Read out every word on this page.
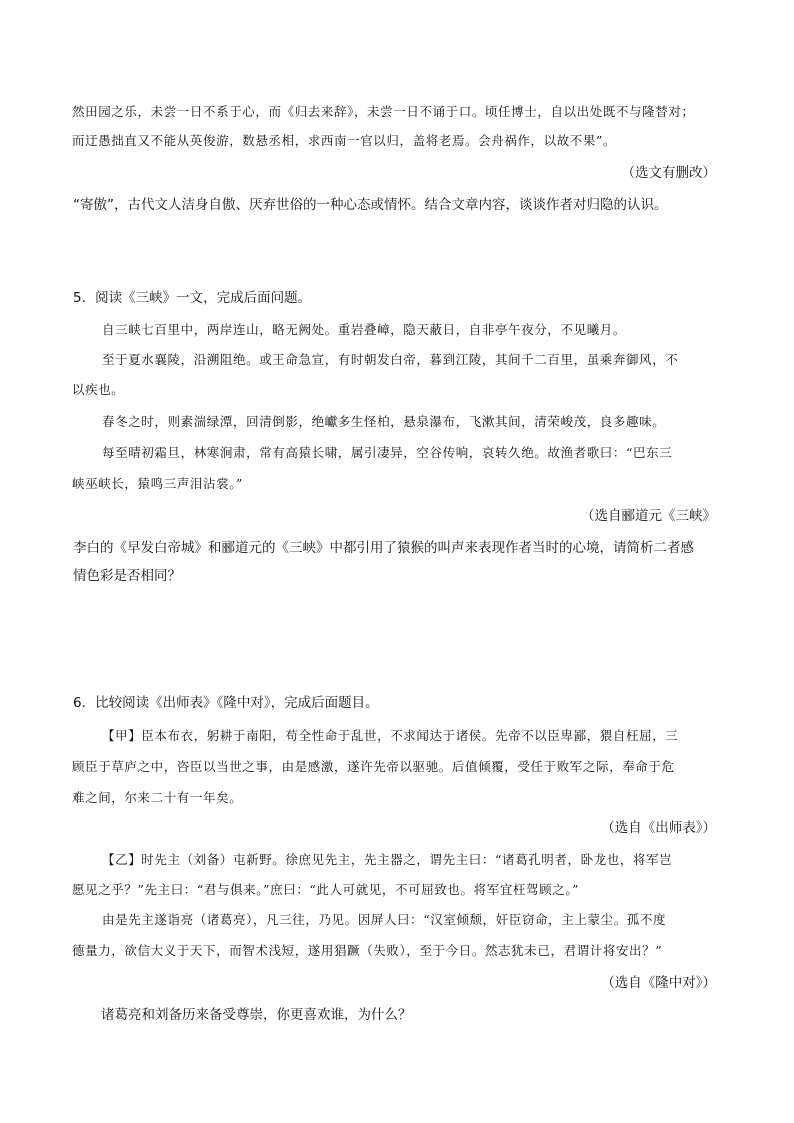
然田园之乐，未尝一日不系于心，而《归去来辞》，未尝一日不诵于口。顷任博士，自以出处既不与隆替对；
而迂愚拙直又不能从英俊游，数悬丞相，求西南一官以归，盖将老焉。会舟祸作，以故不果”。
（选文有删改）
“寄傲”，古代文人洁身自傲、厌弃世俗的一种心态或情怀。结合文章内容，谈谈作者对归隐的认识。
5．阅读《三峡》一文，完成后面问题。
自三峡七百里中，两岸连山，略无阙处。重岩叠嶂，隐天蔽日，自非亭午夜分，不见曦月。
至于夏水襄陵，沿溯阻绝。或王命急宣，有时朝发白帝，暮到江陵，其间千二百里，虽乘奔御风，不
以疾也。
春冬之时，则素湍绿潭，回清倒影，绝巘多生怪柏，悬泉瀑布，飞漱其间，清荣峻茂，良多趣味。
每至晴初霜旦，林寒涧肃，常有高猿长啸，属引凄异，空谷传响，哀转久绝。故渔者歌曰：“巴东三
峡巫峡长，猿鸣三声泪沾裳。”
（选自郦道元《三峡》
李白的《早发白帝城》和郦道元的《三峡》中都引用了猿猴的叫声来表现作者当时的心境，请简析二者感
情色彩是否相同？
6．比较阅读《出师表》《隆中对》，完成后面题目。
【甲】臣本布衣，躬耕于南阳，苟全性命于乱世，不求闻达于诸侯。先帝不以臣卑鄙，猥自枉屈，三
顾臣于草庐之中，咨臣以当世之事，由是感激，遂许先帝以驱驰。后值倾覆，受任于败军之际，奉命于危
难之间，尔来二十有一年矣。
（选自《出师表》）
【乙】时先主（刘备）屯新野。徐庶见先主，先主器之，谓先主曰：“诸葛孔明者，卧龙也，将军岂
愿见之乎？”先主曰：“君与俱来。”庶曰：“此人可就见，不可屈致也。将军宜枉驾顾之。”
由是先主遂诣亮（诸葛亮），凡三往，乃见。因屏人曰：“汉室倾颓，奸臣窃命，主上蒙尘。孤不度
德量力，欲信大义于天下，而智术浅短，遂用猖蹶（失败），至于今日。然志犹未已，君谓计将安出？”
（选自《隆中对》）
诸葛亮和刘备历来备受尊崇，你更喜欢谁，为什么？
